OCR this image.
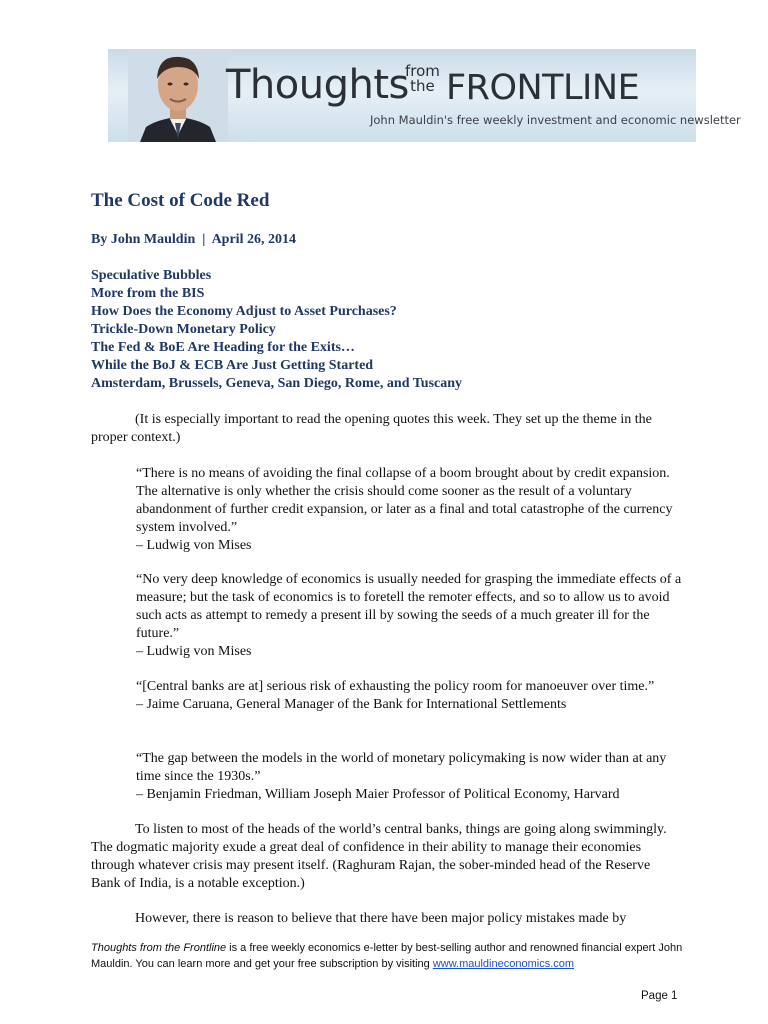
Thoughts
from
the FRONTLINE
John Mauldin's free weekly investment and economic newsletter
The Cost of Code Red
By John Mauldin  |  April 26, 2014
Speculative Bubbles
More from the BIS
How Does the Economy Adjust to Asset Purchases?
Trickle-Down Monetary Policy
The Fed & BoE Are Heading for the Exits…
While the BoJ & ECB Are Just Getting Started
Amsterdam, Brussels, Geneva, San Diego, Rome, and Tuscany

(It is especially important to read the opening quotes this week. They set up the theme in the proper context.)

“There is no means of avoiding the final collapse of a boom brought about by credit expansion. The alternative is only whether the crisis should come sooner as the result of a voluntary abandonment of further credit expansion, or later as a final and total catastrophe of the currency system involved.”
– Ludwig von Mises
“No very deep knowledge of economics is usually needed for grasping the immediate effects of a measure; but the task of economics is to foretell the remoter effects, and so to allow us to avoid such acts as attempt to remedy a present ill by sowing the seeds of a much greater ill for the future.”
– Ludwig von Mises
“[Central banks are at] serious risk of exhausting the policy room for manoeuver over time.”
– Jaime Caruana, General Manager of the Bank for International Settlements
“The gap between the models in the world of monetary policymaking is now wider than at any time since the 1930s.”
– Benjamin Friedman, William Joseph Maier Professor of Political Economy, Harvard

To listen to most of the heads of the world’s central banks, things are going along swimmingly. The dogmatic majority exude a great deal of confidence in their ability to manage their economies through whatever crisis may present itself. (Raghuram Rajan, the sober-minded head of the Reserve Bank of India, is a notable exception.)

However, there is reason to believe that there have been major policy mistakes made by

Thoughts from the Frontline is a free weekly economics e-letter by best-selling author and renowned financial expert John Mauldin. You can learn more and get your free subscription by visiting www.mauldineconomics.com
Page 1
